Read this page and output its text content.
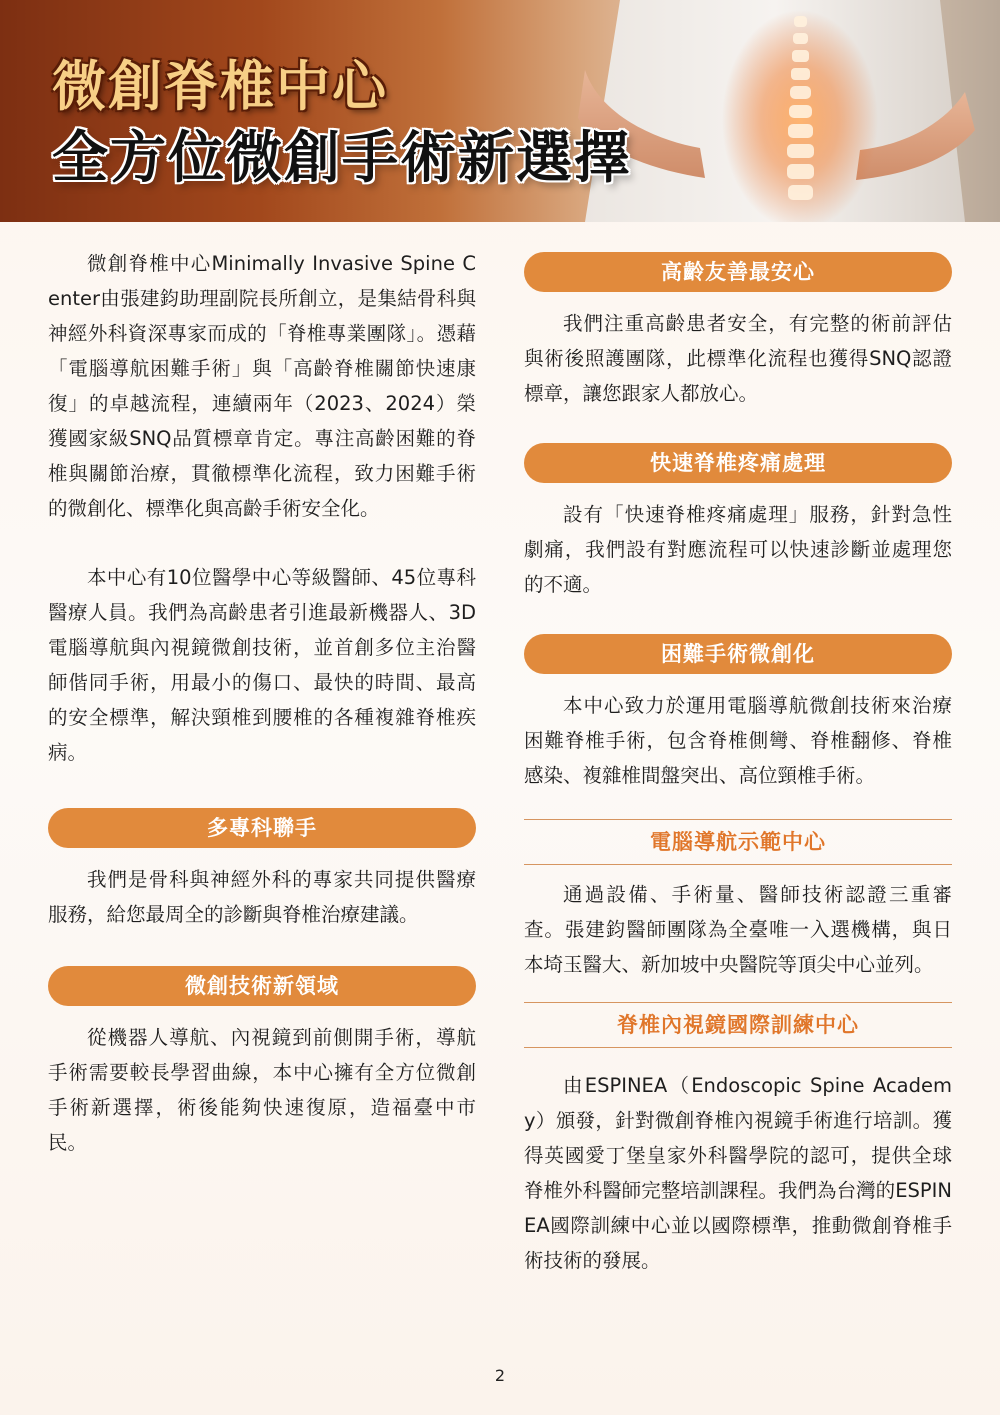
微創脊椎中心
全方位微創手術新選擇

微創脊椎中心Minimally Invasive Spine Center由張建鈞助理副院長所創立，是集結骨科與神經外科資深專家而成的「脊椎專業團隊」。憑藉「電腦導航困難手術」與「高齡脊椎關節快速康復」的卓越流程，連續兩年（2023、2024）榮獲國家級SNQ品質標章肯定。專注高齡困難的脊椎與關節治療，貫徹標準化流程，致力困難手術的微創化、標準化與高齡手術安全化。

本中心有10位醫學中心等級醫師、45位專科醫療人員。我們為高齡患者引進最新機器人、3D電腦導航與內視鏡微創技術，並首創多位主治醫師偕同手術，用最小的傷口、最快的時間、最高的安全標準，解決頸椎到腰椎的各種複雜脊椎疾病。

多專科聯手

我們是骨科與神經外科的專家共同提供醫療服務，給您最周全的診斷與脊椎治療建議。

微創技術新領域

從機器人導航、內視鏡到前側開手術，導航手術需要較長學習曲線，本中心擁有全方位微創手術新選擇，術後能夠快速復原，造福臺中市民。

高齡友善最安心

我們注重高齡患者安全，有完整的術前評估與術後照護團隊，此標準化流程也獲得SNQ認證標章，讓您跟家人都放心。

快速脊椎疼痛處理

設有「快速脊椎疼痛處理」服務，針對急性劇痛，我們設有對應流程可以快速診斷並處理您的不適。

困難手術微創化

本中心致力於運用電腦導航微創技術來治療困難脊椎手術，包含脊椎側彎、脊椎翻修、脊椎感染、複雜椎間盤突出、高位頸椎手術。

電腦導航示範中心

通過設備、手術量、醫師技術認證三重審查。張建鈞醫師團隊為全臺唯一入選機構，與日本埼玉醫大、新加坡中央醫院等頂尖中心並列。

脊椎內視鏡國際訓練中心

由ESPINEA（Endoscopic Spine Academy）頒發，針對微創脊椎內視鏡手術進行培訓。獲得英國愛丁堡皇家外科醫學院的認可，提供全球脊椎外科醫師完整培訓課程。我們為台灣的ESPINEA國際訓練中心並以國際標準，推動微創脊椎手術技術的發展。

2
